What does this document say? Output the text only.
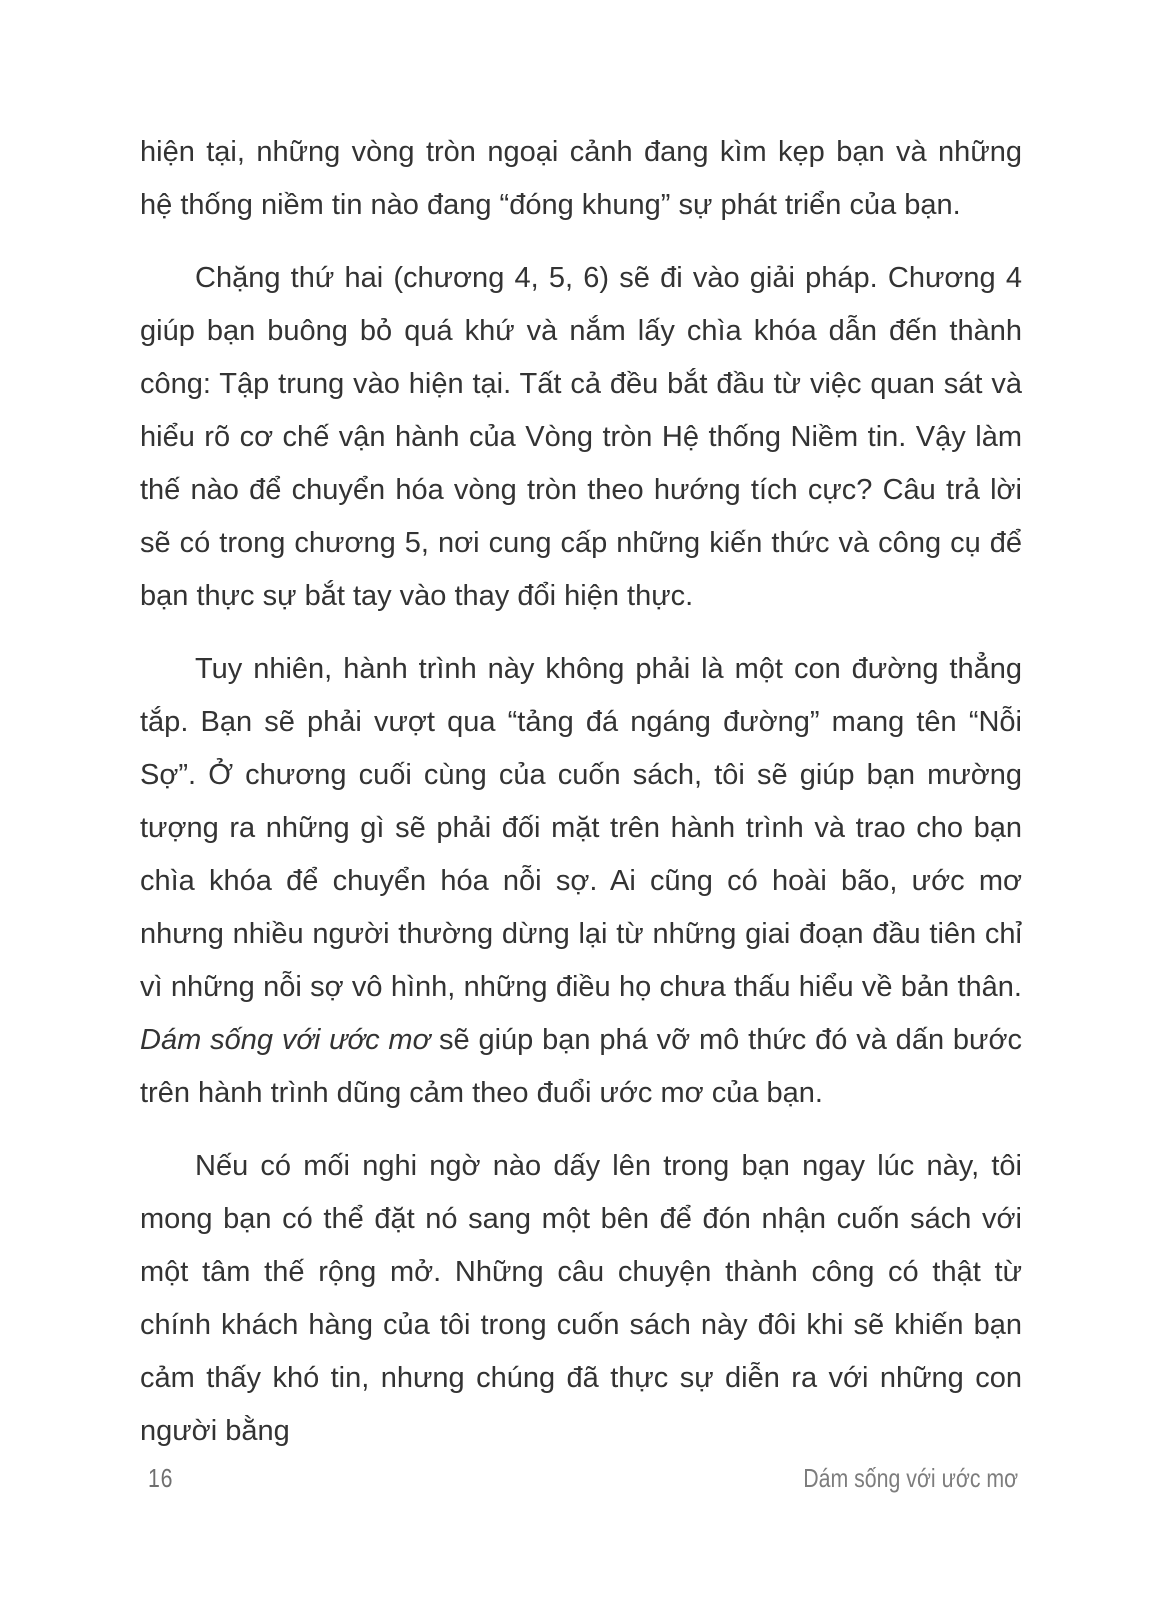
hiện tại, những vòng tròn ngoại cảnh đang kìm kẹp bạn và những hệ thống niềm tin nào đang “đóng khung” sự phát triển của bạn.

Chặng thứ hai (chương 4, 5, 6) sẽ đi vào giải pháp. Chương 4 giúp bạn buông bỏ quá khứ và nắm lấy chìa khóa dẫn đến thành công: Tập trung vào hiện tại. Tất cả đều bắt đầu từ việc quan sát và hiểu rõ cơ chế vận hành của Vòng tròn Hệ thống Niềm tin. Vậy làm thế nào để chuyển hóa vòng tròn theo hướng tích cực? Câu trả lời sẽ có trong chương 5, nơi cung cấp những kiến thức và công cụ để bạn thực sự bắt tay vào thay đổi hiện thực.

Tuy nhiên, hành trình này không phải là một con đường thẳng tắp. Bạn sẽ phải vượt qua “tảng đá ngáng đường” mang tên “Nỗi Sợ”. Ở chương cuối cùng của cuốn sách, tôi sẽ giúp bạn mường tượng ra những gì sẽ phải đối mặt trên hành trình và trao cho bạn chìa khóa để chuyển hóa nỗi sợ. Ai cũng có hoài bão, ước mơ nhưng nhiều người thường dừng lại từ những giai đoạn đầu tiên chỉ vì những nỗi sợ vô hình, những điều họ chưa thấu hiểu về bản thân. Dám sống với ước mơ sẽ giúp bạn phá vỡ mô thức đó và dấn bước trên hành trình dũng cảm theo đuổi ước mơ của bạn.

Nếu có mối nghi ngờ nào dấy lên trong bạn ngay lúc này, tôi mong bạn có thể đặt nó sang một bên để đón nhận cuốn sách với một tâm thế rộng mở. Những câu chuyện thành công có thật từ chính khách hàng của tôi trong cuốn sách này đôi khi sẽ khiến bạn cảm thấy khó tin, nhưng chúng đã thực sự diễn ra với những con người bằng

16	Dám sống với ước mơ
